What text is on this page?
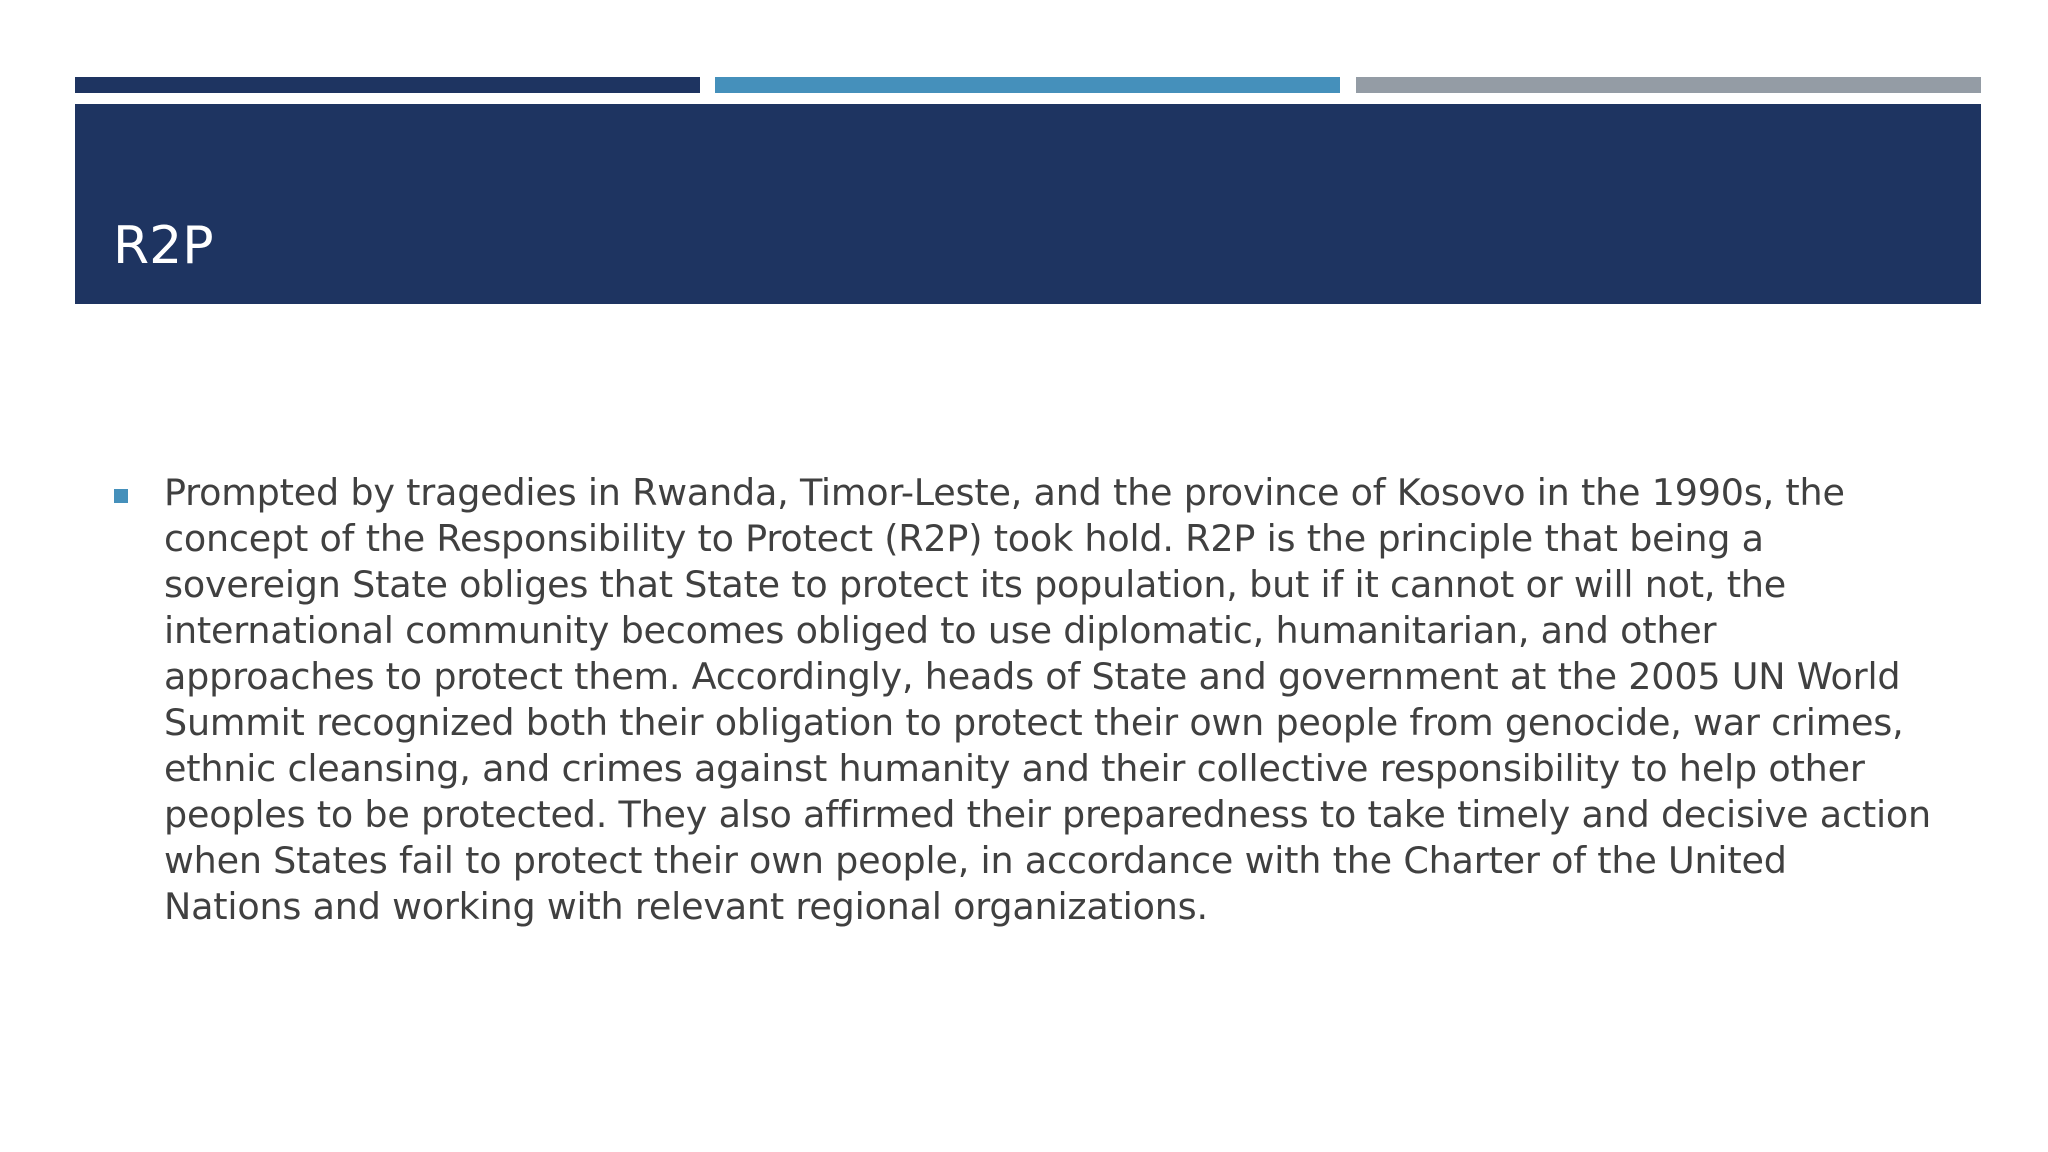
R2P
Prompted by tragedies in Rwanda, Timor-Leste, and the province of Kosovo in the 1990s, the concept of the Responsibility to Protect (R2P) took hold. R2P is the principle that being a sovereign State obliges that State to protect its population, but if it cannot or will not, the international community becomes obliged to use diplomatic, humanitarian, and other approaches to protect them. Accordingly, heads of State and government at the 2005 UN World Summit recognized both their obligation to protect their own people from genocide, war crimes, ethnic cleansing, and crimes against humanity and their collective responsibility to help other peoples to be protected. They also affirmed their preparedness to take timely and decisive action when States fail to protect their own people, in accordance with the Charter of the United Nations and working with relevant regional organizations.
